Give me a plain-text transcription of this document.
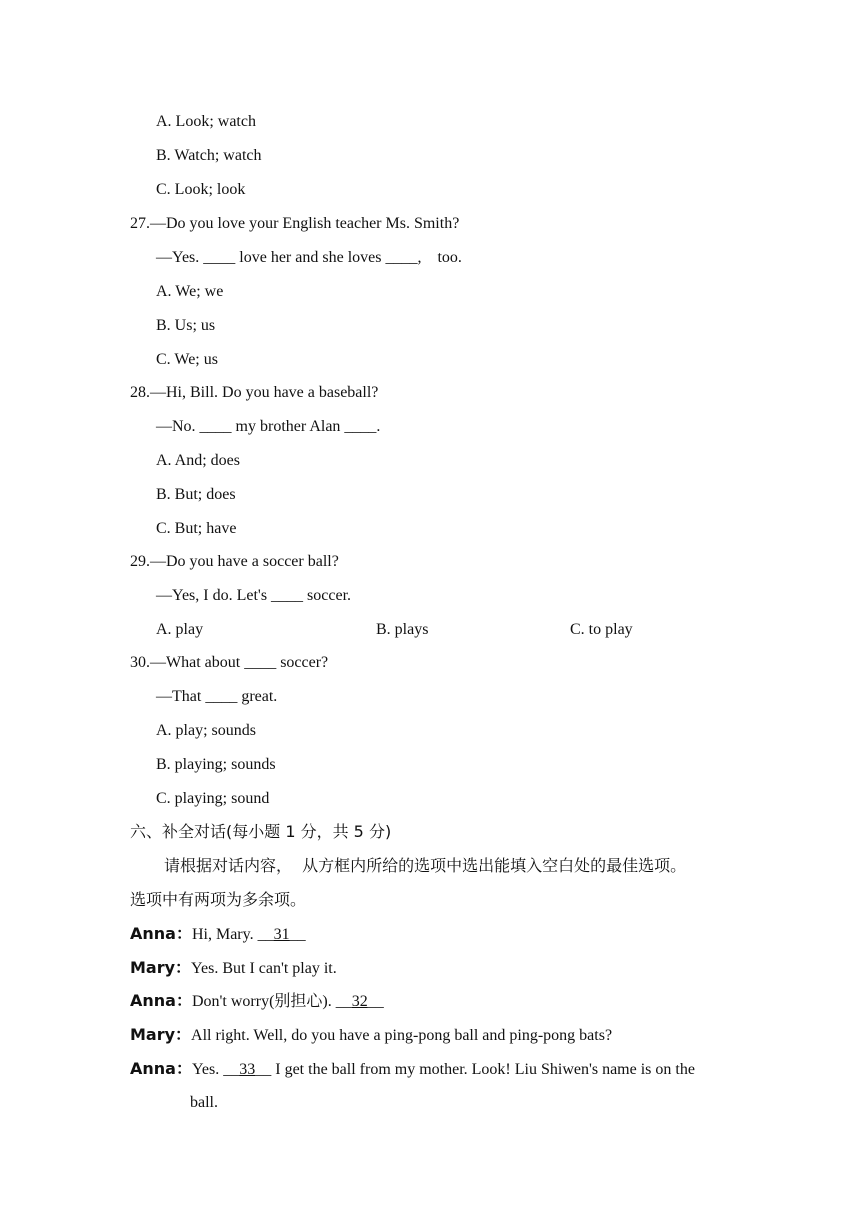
A. Look; watch
B. Watch; watch
C. Look; look
27.—Do you love your English teacher Ms. Smith?
—Yes. ____ love her and she loves ____,    too.
A. We; we
B. Us; us
C. We; us
28.—Hi, Bill. Do you have a baseball?
—No. ____ my brother Alan ____.
A. And; does
B. But; does
C. But; have
29.—Do you have a soccer ball?
—Yes, I do. Let's ____ soccer.
A. play	B. plays	C. to play
30.—What about ____ soccer?
—That ____ great.
A. play; sounds
B. playing; sounds
C. playing; sound
六、补全对话(每小题 1 分，共 5 分)
请根据对话内容，  从方框内所给的选项中选出能填入空白处的最佳选项。
选项中有两项为多余项。
Anna：Hi, Mary. __31__
Mary：Yes. But I can't play it.
Anna：Don't worry(别担心). __32__
Mary：All right. Well, do you have a ping-pong ball and ping-pong bats?
Anna：Yes. __33__ I get the ball from my mother. Look! Liu Shiwen's name is on the
ball.
